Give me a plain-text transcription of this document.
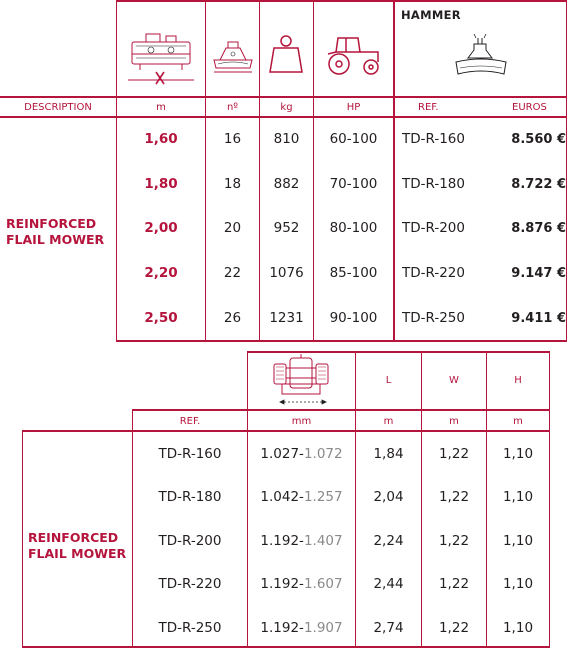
HAMMER
DESCRIPTION	m	nº	kg	HP	REF.	EUROS
REINFORCED
FLAIL MOWER
1,60	16	810	60-100	TD-R-160	8.560 €
1,80	18	882	70-100	TD-R-180	8.722 €
2,00	20	952	80-100	TD-R-200	8.876 €
2,20	22	1076	85-100	TD-R-220	9.147 €
2,50	26	1231	90-100	TD-R-250	9.411 €
L	W	H
REF.	mm	m	m	m
REINFORCED
FLAIL MOWER
TD-R-160	1.027- 1.072	1,84	1,22	1,10
TD-R-180	1.042- 1.257	2,04	1,22	1,10
TD-R-200	1.192- 1.407	2,24	1,22	1,10
TD-R-220	1.192- 1.607	2,44	1,22	1,10
TD-R-250	1.192- 1.907	2,74	1,22	1,10
